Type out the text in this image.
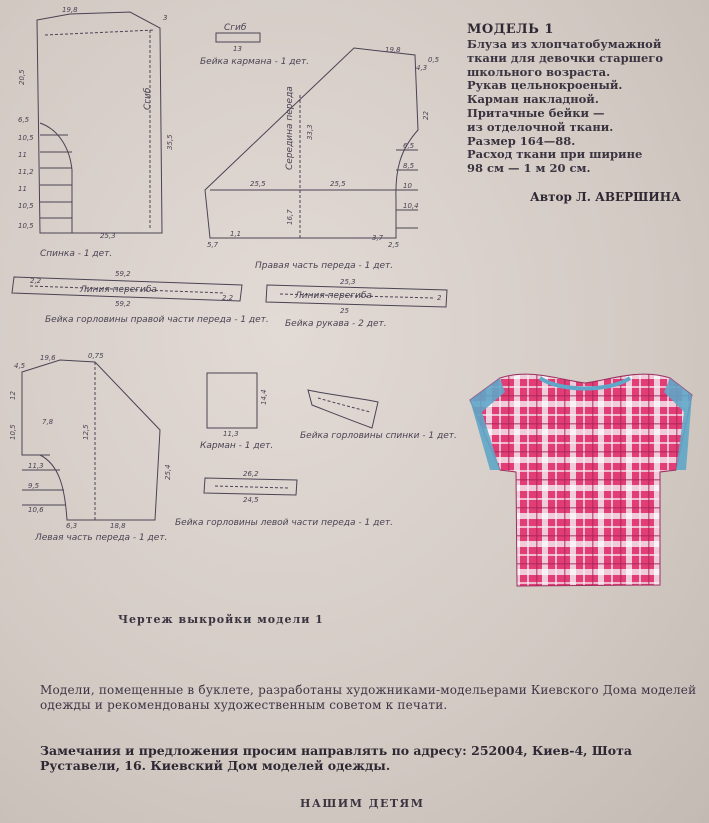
19,8
20,5
6,5
10,5
11
11,2
11
10,5
10,5
25,3
35,5
3
Сгиб
Спинка - 1 дет.
Сгиб
13
Бейка кармана - 1 дет.
19,8
25,5	25,5
16,7
33,3
22
6,5
8,5
10
10,4
4,3
0,5
5,7
1,1	3,7
2,5
Середина переда
Правая часть переда - 1 дет.
59,2
59,2
2,2
2,2
Линия перегиба
Бейка горловины правой части переда - 1 дет.
25,3
25
2
Линия перегиба
Бейка рукава - 2 дет.
19,6	0,75
4,5
12
10,5
11,3
9,5
7,8
10,6
6,3	18,8
12,5
25,4
Левая часть переда - 1 дет.
11,3
14,4
Карман - 1 дет.
Бейка горловины спинки - 1 дет.
26,2
24,5
Бейка горловины левой части переда - 1 дет.
МОДЕЛЬ 1
Блуза из хлопчатобумажной
ткани для девочки старшего
школьного возраста.
Рукав цельнокроеный.
Карман накладной.
Притачные бейки —
из отделочной ткани.
Размер 164—88.
Расход ткани при ширине
98 см — 1 м 20 см.
Автор Л. АВЕРШИНА
Чертеж выкройки модели 1
Модели, помещенные в буклете, разработаны художниками-модельерами Киевского Дома моделей одежды и рекомендованы художественным советом к печати.
Замечания и предложения просим направлять по адресу: 252004, Киев-4, Шота Руставели, 16. Киевский Дом моделей одежды.
НАШИМ ДЕТЯМ
